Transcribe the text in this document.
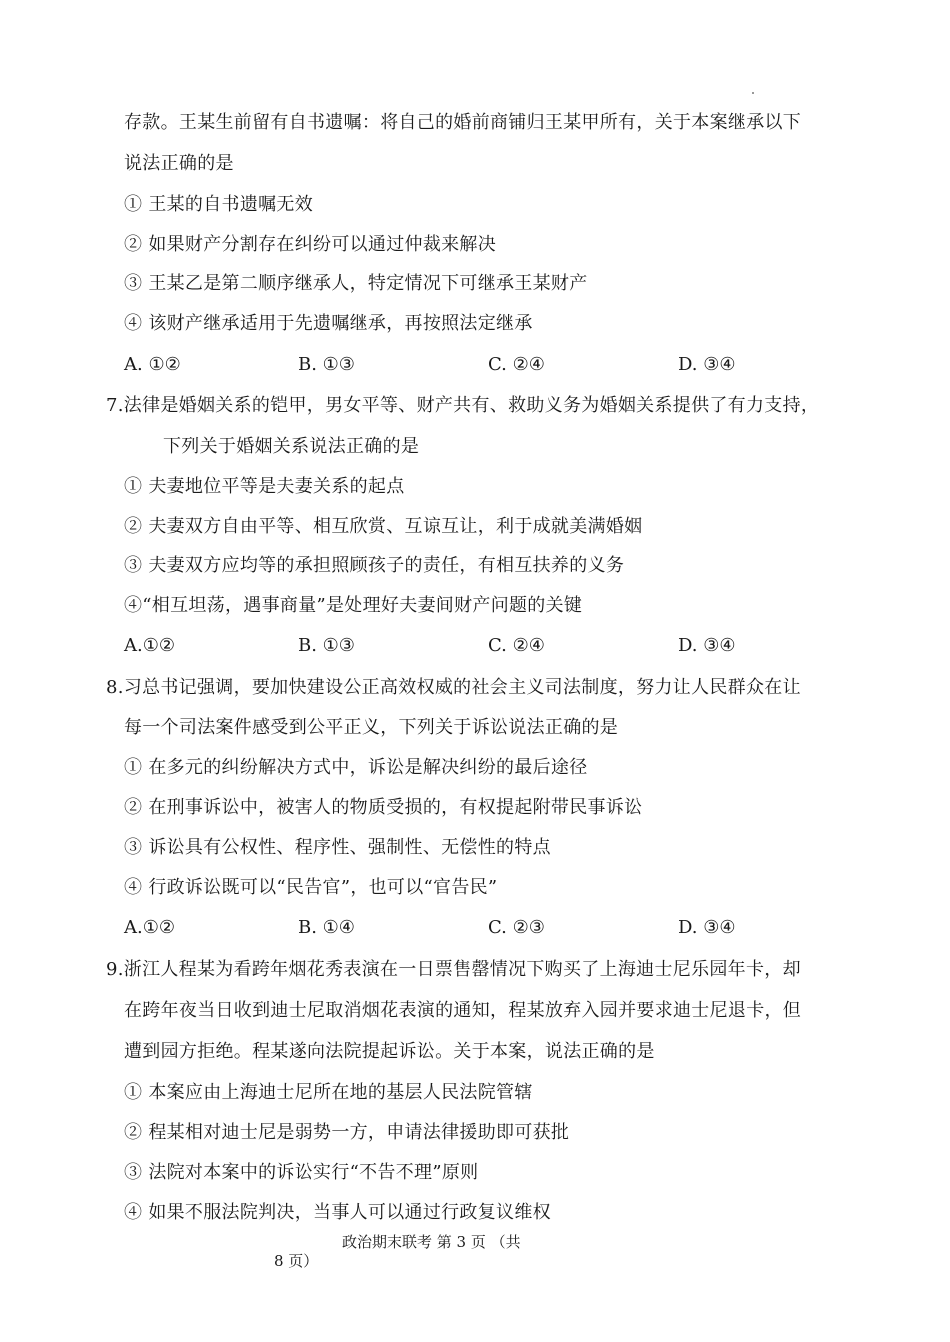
存款。王某生前留有自书遗嘱：将自己的婚前商铺归王某甲所有，关于本案继承以下
说法正确的是
① 王某的自书遗嘱无效
② 如果财产分割存在纠纷可以通过仲裁来解决
③ 王某乙是第二顺序继承人，特定情况下可继承王某财产
④ 该财产继承适用于先遗嘱继承，再按照法定继承
A. ①②	B. ①③	C. ②④	D. ③④
7.法律是婚姻关系的铠甲，男女平等、财产共有、救助义务为婚姻关系提供了有力支持，
下列关于婚姻关系说法正确的是
① 夫妻地位平等是夫妻关系的起点
② 夫妻双方自由平等、相互欣赏、互谅互让，利于成就美满婚姻
③ 夫妻双方应均等的承担照顾孩子的责任，有相互扶养的义务
④“相互坦荡，遇事商量”是处理好夫妻间财产问题的关键
A.①②	B. ①③	C. ②④	D. ③④
8.习总书记强调，要加快建设公正高效权威的社会主义司法制度，努力让人民群众在让
每一个司法案件感受到公平正义，下列关于诉讼说法正确的是
① 在多元的纠纷解决方式中，诉讼是解决纠纷的最后途径
② 在刑事诉讼中，被害人的物质受损的，有权提起附带民事诉讼
③ 诉讼具有公权性、程序性、强制性、无偿性的特点
④ 行政诉讼既可以“民告官”，也可以“官告民”
A.①②	B. ①④	C. ②③	D. ③④
9.浙江人程某为看跨年烟花秀表演在一日票售罄情况下购买了上海迪士尼乐园年卡，却
在跨年夜当日收到迪士尼取消烟花表演的通知，程某放弃入园并要求迪士尼退卡，但
遭到园方拒绝。程某遂向法院提起诉讼。关于本案，说法正确的是
① 本案应由上海迪士尼所在地的基层人民法院管辖
② 程某相对迪士尼是弱势一方，申请法律援助即可获批
③ 法院对本案中的诉讼实行“不告不理”原则
④ 如果不服法院判决，当事人可以通过行政复议维权
政治期末联考 第 3 页 （共
8 页）
